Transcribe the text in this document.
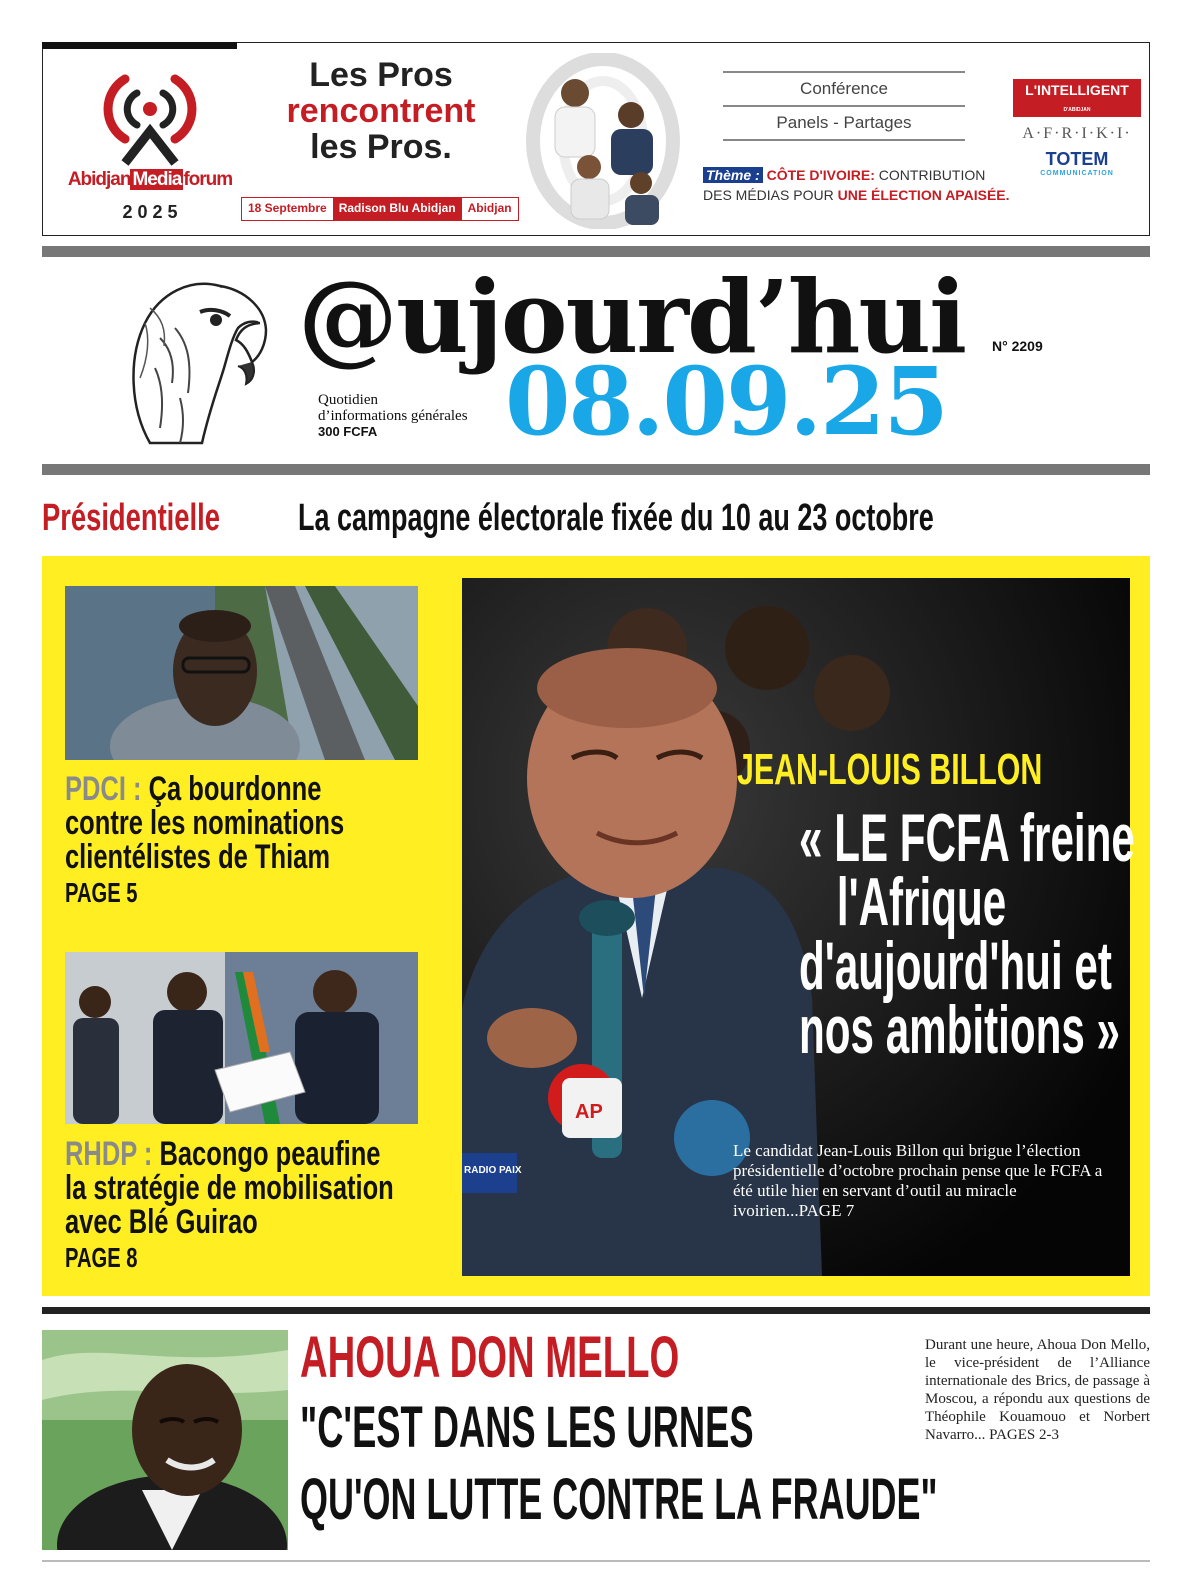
Abidjan Media forum
2 0 2 5
Les Pros
rencontrent
les Pros.
18 Septembre	Radison Blu Abidjan	Abidjan
Conférence
Panels - Partages
Thème : CÔTE D'IVOIRE: CONTRIBUTION
DES MÉDIAS POUR UNE ÉLECTION APAISÉE.
L'INTELLIGENT D'ABIDJAN
A·F·R·I·K·I·
TOTEM
COMMUNICATION
@ujourd’hui N° 2209
Quotidien
d’informations générales
300 FCFA	08.09.25
Présidentielle	La campagne électorale fixée du 10 au 23 octobre
PDCI : Ça bourdonne
contre les nominations
clientélistes de Thiam
PAGE 5
RHDP : Bacongo peaufine
la stratégie de mobilisation
avec Blé Guirao
PAGE 8
AP
RADIO PAIX
JEAN-LOUIS BILLON
« LE FCFA freine
l'Afrique
d'aujourd'hui et
nos ambitions »
Le candidat Jean-Louis Billon qui brigue l’élection présidentielle d’octobre prochain pense que le FCFA a été utile hier en servant d’outil au miracle ivoirien...PAGE 7
AHOUA DON MELLO
"C'EST DANS LES URNES
QU'ON LUTTE CONTRE LA FRAUDE"
Durant une heure, Ahoua Don Mello, le vice-président de l’Alliance internationale des Brics, de passage à Moscou, a répondu aux questions de Théophile Kouamouo et Norbert Navarro... PAGES 2-3
